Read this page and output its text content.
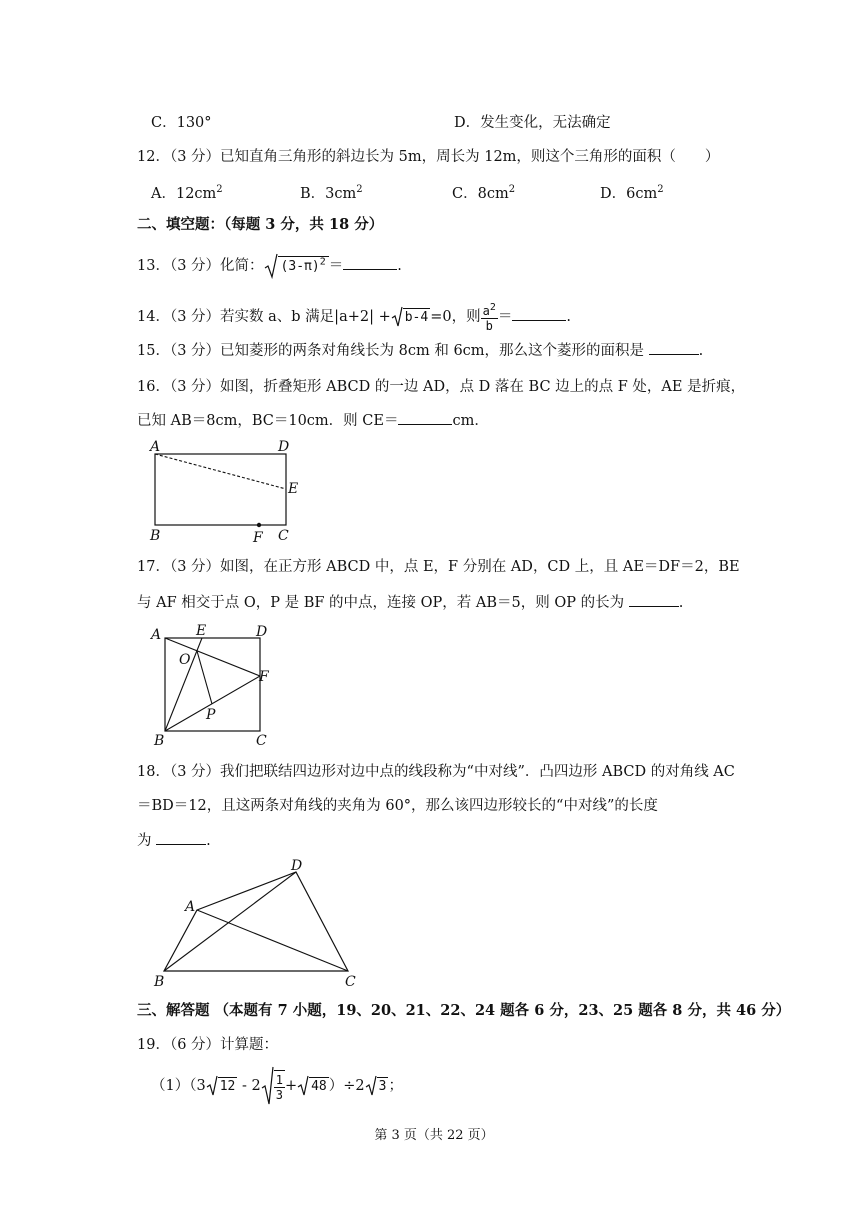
C．130°	D．发生变化，无法确定
12．（3 分）已知直角三角形的斜边长为 5m，周长为 12m，则这个三角形的面积（　　）
A．$12cm^2$	B．$3cm^2$	C．$8cm^2$	D．$6cm^2$
二、填空题：（每题 3 分，共 18 分）
13．（3 分）化简： $(3-\pi)^2$ ＝	.
14．（3 分）若实数 a、b 满足|a+2| + b-4 =0，则 $\frac{a^2}{b}$ ＝	.
15．（3 分）已知菱形的两条对角线长为 8cm 和 6cm，那么这个菱形的面积是	.
16．（3 分）如图，折叠矩形 ABCD 的一边 AD，点 D 落在 BC 边上的点 F 处，AE 是折痕，
已知 AB＝8cm，BC＝10cm．则 CE＝	cm．
A	D
E
B	F C
17．（3 分）如图，在正方形 ABCD 中，点 E，F 分别在 AD，CD 上，且 AE＝DF＝2，BE
与 AF 相交于点 O，P 是 BF 的中点，连接 OP，若 AB＝5，则 OP 的长为	.
A E	D
O
F
P
B	C
18．（3 分）我们把联结四边形对边中点的线段称为“中对线”．凸四边形 ABCD 的对角线 AC
＝BD＝12，且这两条对角线的夹角为 60°，那么该四边形较长的“中对线”的长度
为	.
A
D
B	C
三、解答题 （本题有 7 小题，19、20、21、22、24 题各 6 分，23、25 题各 8 分，共 46 分）
19．（6 分）计算题：
（1）（3 $12 - 2 \frac{1}{3} + 48$ ）÷2 3 ；
第 3 页（共 22 页）
